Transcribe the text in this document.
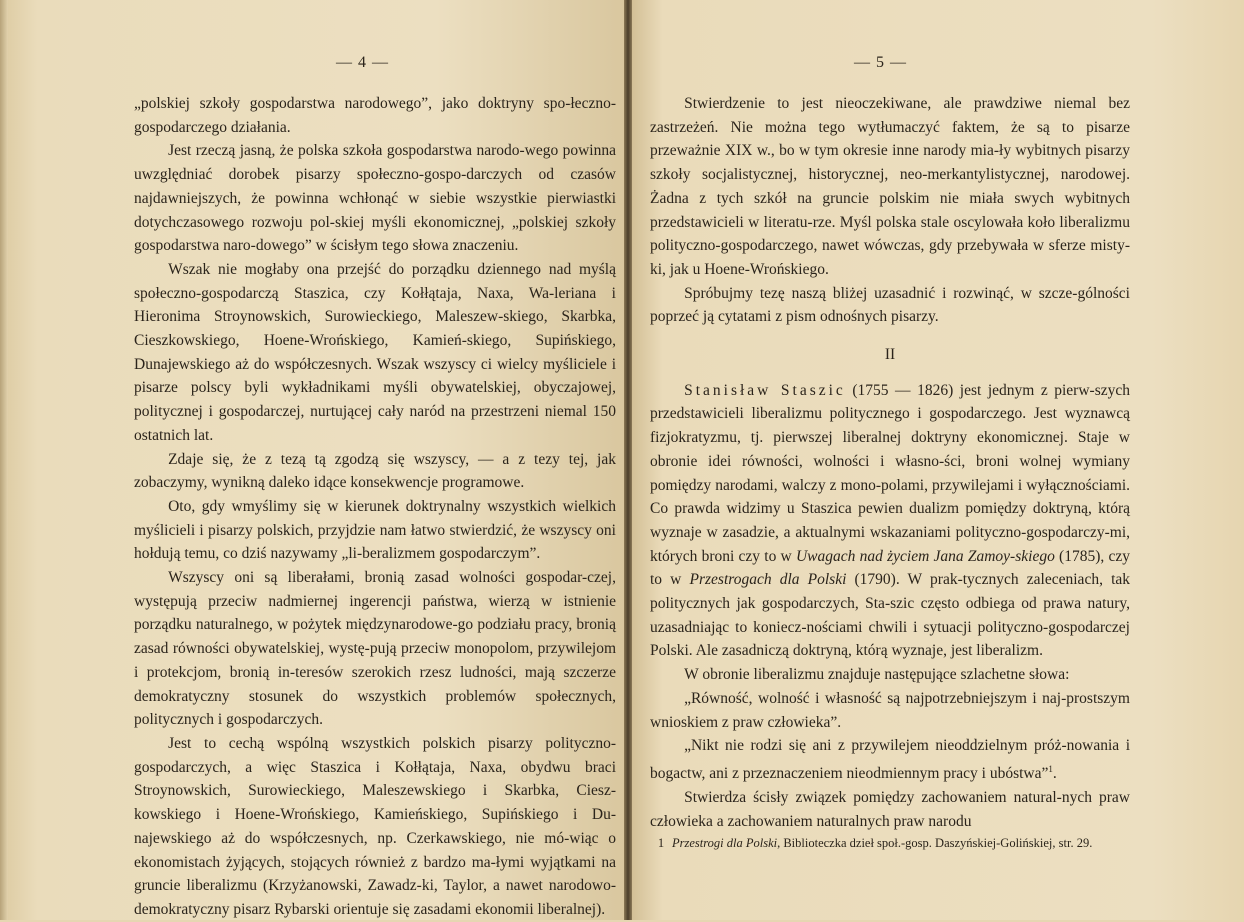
— 4 —

„polskiej szkoły gospodarstwa narodowego”, jako doktryny spo-łeczno-gospodarczego działania.

Jest rzeczą jasną, że polska szkoła gospodarstwa narodo-wego powinna uwzględniać dorobek pisarzy społeczno-gospo-darczych od czasów najdawniejszych, że powinna wchłonąć w siebie wszystkie pierwiastki dotychczasowego rozwoju pol-skiej myśli ekonomicznej, „polskiej szkoły gospodarstwa naro-dowego” w ścisłym tego słowa znaczeniu.

Wszak nie mogłaby ona przejść do porządku dziennego nad myślą społeczno-gospodarczą Staszica, czy Kołłątaja, Naxa, Wa-leriana i Hieronima Stroynowskich, Surowieckiego, Maleszew-skiego, Skarbka, Cieszkowskiego, Hoene-Wrońskiego, Kamień-skiego, Supińskiego, Dunajewskiego aż do współczesnych. Wszak wszyscy ci wielcy myśliciele i pisarze polscy byli wykładnikami myśli obywatelskiej, obyczajowej, politycznej i gospodarczej, nurtującej cały naród na przestrzeni niemal 150 ostatnich lat.

Zdaje się, że z tezą tą zgodzą się wszyscy, — a z tezy tej, jak zobaczymy, wynikną daleko idące konsekwencje programowe.

Oto, gdy wmyślimy się w kierunek doktrynalny wszystkich wielkich myślicieli i pisarzy polskich, przyjdzie nam łatwo stwierdzić, że wszyscy oni hołdują temu, co dziś nazywamy „li-beralizmem gospodarczym”.

Wszyscy oni są liberałami, bronią zasad wolności gospodar-czej, występują przeciw nadmiernej ingerencji państwa, wierzą w istnienie porządku naturalnego, w pożytek międzynarodowe-go podziału pracy, bronią zasad równości obywatelskiej, wystę-pują przeciw monopolom, przywilejom i protekcjom, bronią in-teresów szerokich rzesz ludności, mają szczerze demokratyczny stosunek do wszystkich problemów społecznych, politycznych i gospodarczych.

Jest to cechą wspólną wszystkich polskich pisarzy polityczno-gospodarczych, a więc Staszica i Kołłątaja, Naxa, obydwu braci Stroynowskich, Surowieckiego, Maleszewskiego i Skarbka, Ciesz-kowskiego i Hoene-Wrońskiego, Kamieńskiego, Supińskiego i Du-najewskiego aż do współczesnych, np. Czerkawskiego, nie mó-wiąc o ekonomistach żyjących, stojących również z bardzo ma-łymi wyjątkami na gruncie liberalizmu (Krzyżanowski, Zawadz-ki, Taylor, a nawet narodowo-demokratyczny pisarz Rybarski orientuje się zasadami ekonomii liberalnej).

— 5 —

Stwierdzenie to jest nieoczekiwane, ale prawdziwe niemal bez zastrzeżeń. Nie można tego wytłumaczyć faktem, że są to pisarze przeważnie XIX w., bo w tym okresie inne narody mia-ły wybitnych pisarzy szkoły socjalistycznej, historycznej, neo-merkantylistycznej, narodowej. Żadna z tych szkół na gruncie polskim nie miała swych wybitnych przedstawicieli w literatu-rze. Myśl polska stale oscylowała koło liberalizmu polityczno-gospodarczego, nawet wówczas, gdy przebywała w sferze misty-ki, jak u Hoene-Wrońskiego.

Spróbujmy tezę naszą bliżej uzasadnić i rozwinąć, w szcze-gólności poprzeć ją cytatami z pism odnośnych pisarzy.

II

Stanisław Staszic (1755 — 1826) jest jednym z pierw-szych przedstawicieli liberalizmu politycznego i gospodarczego. Jest wyznawcą fizjokratyzmu, tj. pierwszej liberalnej doktryny ekonomicznej. Staje w obronie idei równości, wolności i własno-ści, broni wolnej wymiany pomiędzy narodami, walczy z mono-polami, przywilejami i wyłącznościami. Co prawda widzimy u Staszica pewien dualizm pomiędzy doktryną, którą wyznaje w zasadzie, a aktualnymi wskazaniami polityczno-gospodarczy-mi, których broni czy to w Uwagach nad życiem Jana Zamoy-skiego (1785), czy to w Przestrogach dla Polski (1790). W prak-tycznych zaleceniach, tak politycznych jak gospodarczych, Sta-szic często odbiega od prawa natury, uzasadniając to koniecz-nościami chwili i sytuacji polityczno-gospodarczej Polski. Ale zasadniczą doktryną, którą wyznaje, jest liberalizm.

W obronie liberalizmu znajduje następujące szlachetne słowa:

„Równość, wolność i własność są najpotrzebniejszym i naj-prostszym wnioskiem z praw człowieka”.

„Nikt nie rodzi się ani z przywilejem nieoddzielnym próż-nowania i bogactw, ani z przeznaczeniem nieodmiennym pracy i ubóstwa”$^1$.

Stwierdza ścisły związek pomiędzy zachowaniem natural-nych praw człowieka a zachowaniem naturalnych praw narodu

1 Przestrogi dla Polski, Biblioteczka dzieł społ.-gosp. Daszyńskiej-Golińskiej, str. 29.
